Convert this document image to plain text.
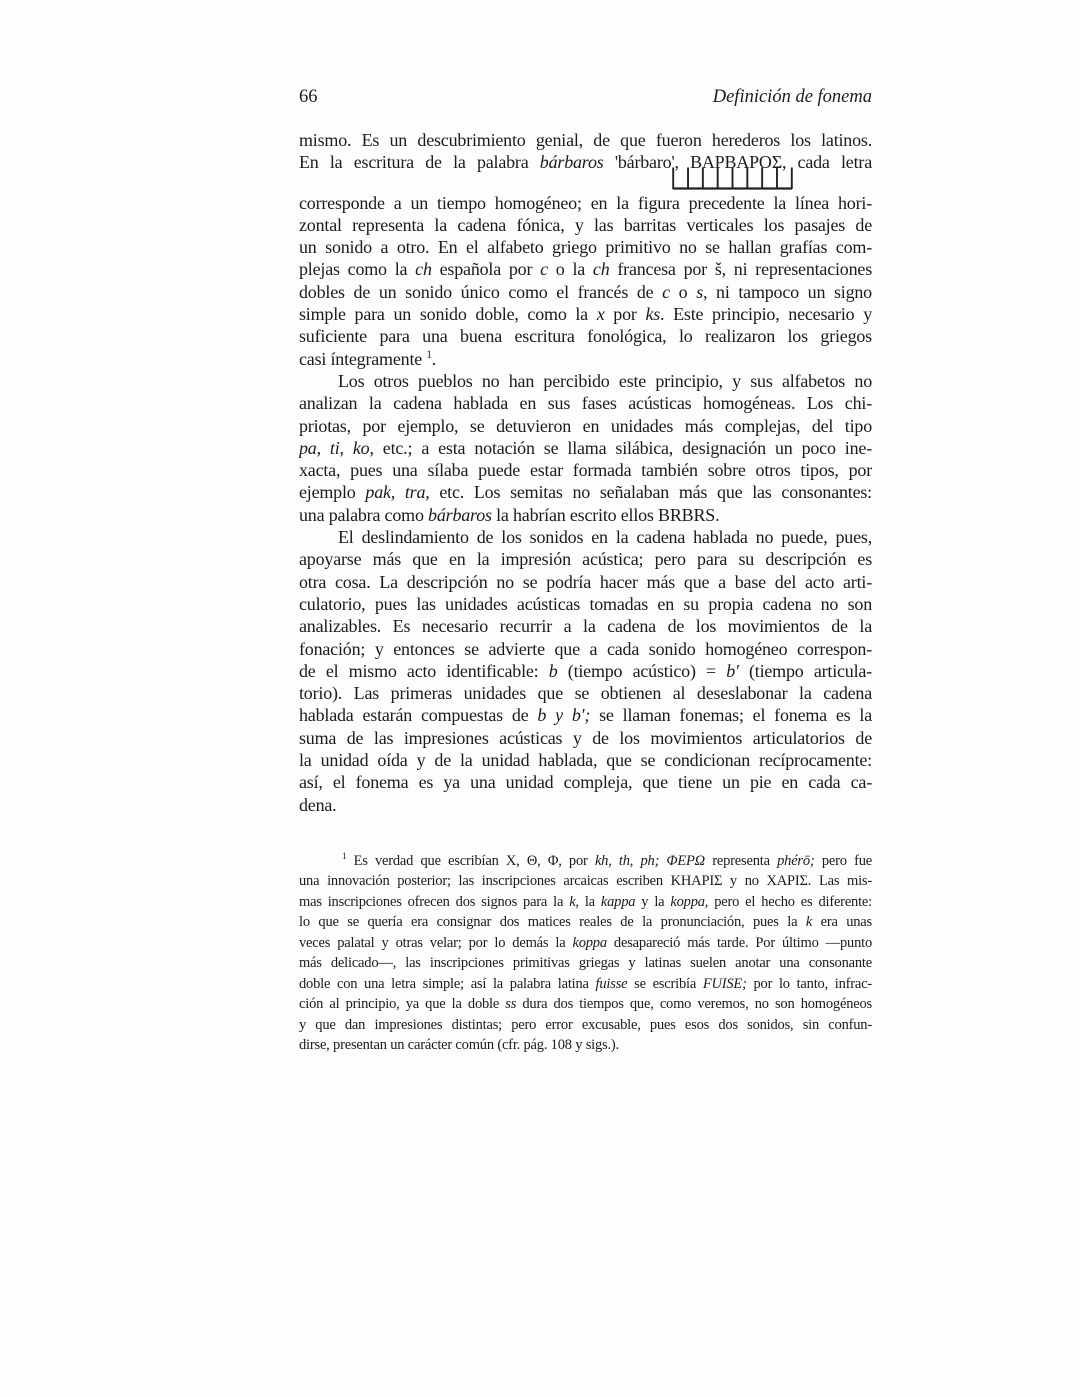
66	Definición de fonema
mismo. Es un descubrimiento genial, de que fueron herederos los latinos.
En la escritura de la palabra bárbaros 'bárbaro', ΒΑΡΒΑΡΟΣ, cada letra
corresponde a un tiempo homogéneo; en la figura precedente la línea hori-
zontal representa la cadena fónica, y las barritas verticales los pasajes de
un sonido a otro. En el alfabeto griego primitivo no se hallan grafías com-
plejas como la ch española por c o la ch francesa por š, ni representaciones
dobles de un sonido único como el francés de c o s, ni tampoco un signo
simple para un sonido doble, como la x por ks. Este principio, necesario y
suficiente para una buena escritura fonológica, lo realizaron los griegos
casi íntegramente $^1$.
Los otros pueblos no han percibido este principio, y sus alfabetos no
analizan la cadena hablada en sus fases acústicas homogéneas. Los chi-
priotas, por ejemplo, se detuvieron en unidades más complejas, del tipo
pa, ti, ko, etc.; a esta notación se llama silábica, designación un poco ine-
xacta, pues una sílaba puede estar formada también sobre otros tipos, por
ejemplo pak, tra, etc. Los semitas no señalaban más que las consonantes:
una palabra como bárbaros la habrían escrito ellos BRBRS.
El deslindamiento de los sonidos en la cadena hablada no puede, pues,
apoyarse más que en la impresión acústica; pero para su descripción es
otra cosa. La descripción no se podría hacer más que a base del acto arti-
culatorio, pues las unidades acústicas tomadas en su propia cadena no son
analizables. Es necesario recurrir a la cadena de los movimientos de la
fonación; y entonces se advierte que a cada sonido homogéneo correspon-
de el mismo acto identificable: b (tiempo acústico) = b′ (tiempo articula-
torio). Las primeras unidades que se obtienen al deseslabonar la cadena
hablada estarán compuestas de b y b′; se llaman fonemas; el fonema es la
suma de las impresiones acústicas y de los movimientos articulatorios de
la unidad oída y de la unidad hablada, que se condicionan recíprocamente:
así, el fonema es ya una unidad compleja, que tiene un pie en cada ca-
dena.
$^1$ Es verdad que escribían X, Θ, Φ, por kh, th, ph; ΦΕΡΩ representa phérō; pero fue
una innovación posterior; las inscripciones arcaicas escriben ΚΗΑΡΙΣ y no ΧΑΡΙΣ. Las mis-
mas inscripciones ofrecen dos signos para la k, la kappa y la koppa, pero el hecho es diferente:
lo que se quería era consignar dos matices reales de la pronunciación, pues la k era unas
veces palatal y otras velar; por lo demás la koppa desapareció más tarde. Por último —punto
más delicado—, las inscripciones primitivas griegas y latinas suelen anotar una consonante
doble con una letra simple; así la palabra latina fuisse se escribía FUISE; por lo tanto, infrac-
ción al principio, ya que la doble ss dura dos tiempos que, como veremos, no son homogéneos
y que dan impresiones distintas; pero error excusable, pues esos dos sonidos, sin confun-
dirse, presentan un carácter común (cfr. pág. 108 y sigs.).
